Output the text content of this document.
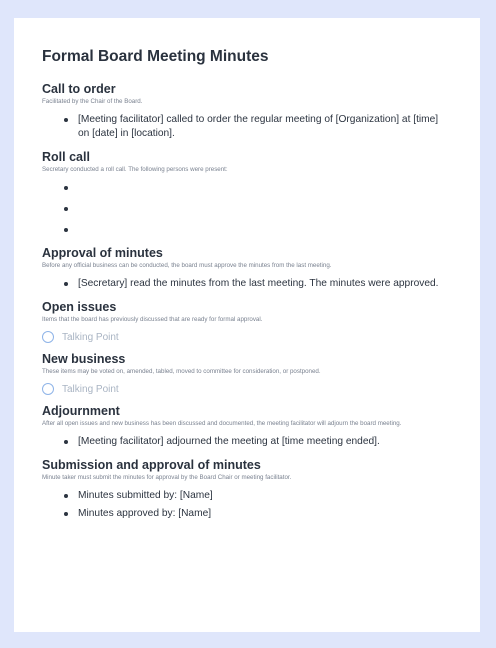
Formal Board Meeting Minutes
Call to order
Facilitated by the Chair of the Board.
[Meeting facilitator] called to order the regular meeting of [Organization] at [time] on [date] in [location].
Roll call
Secretary conducted a roll call. The following persons were present:
Approval of minutes
Before any official business can be conducted, the board must approve the minutes from the last meeting.
[Secretary] read the minutes from the last meeting. The minutes were approved.
Open issues
Items that the board has previously discussed that are ready for formal approval.
Talking Point
New business
These items may be voted on, amended, tabled, moved to committee for consideration, or postponed.
Talking Point
Adjournment
After all open issues and new business has been discussed and documented, the meeting facilitator will adjourn the board meeting.
[Meeting facilitator] adjourned the meeting at [time meeting ended].
Submission and approval of minutes
Minute taker must submit the minutes for approval by the Board Chair or meeting facilitator.
Minutes submitted by: [Name]
Minutes approved by: [Name]
